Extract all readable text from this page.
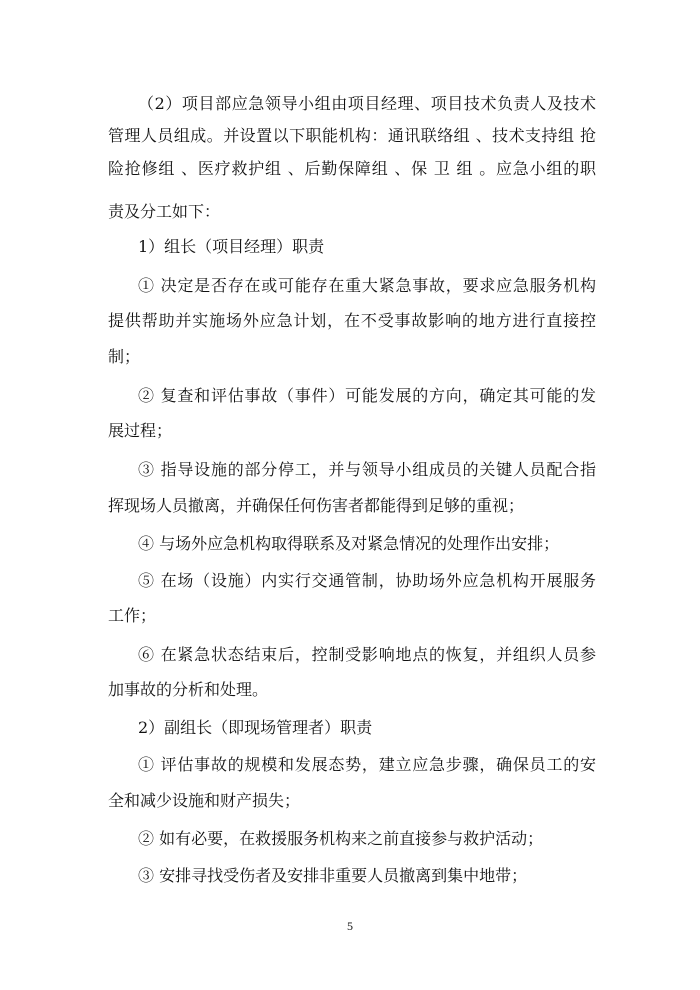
（2）项目部应急领导小组由项目经理、项目技术负责人及技术

管理人员组成。并设置以下职能机构：通讯联络组 、技术支持组 抢

险抢修组 、医疗救护组 、后勤保障组 、保 卫 组 。应急小组的职

责及分工如下：

1）组长（项目经理）职责

① 决定是否存在或可能存在重大紧急事故，要求应急服务机构

提供帮助并实施场外应急计划，在不受事故影响的地方进行直接控

制；

② 复查和评估事故（事件）可能发展的方向，确定其可能的发

展过程；

③ 指导设施的部分停工，并与领导小组成员的关键人员配合指

挥现场人员撤离，并确保任何伤害者都能得到足够的重视；

④ 与场外应急机构取得联系及对紧急情况的处理作出安排；

⑤ 在场（设施）内实行交通管制，协助场外应急机构开展服务

工作；

⑥ 在紧急状态结束后，控制受影响地点的恢复，并组织人员参

加事故的分析和处理。

2）副组长（即现场管理者）职责

① 评估事故的规模和发展态势，建立应急步骤，确保员工的安

全和减少设施和财产损失；

② 如有必要，在救援服务机构来之前直接参与救护活动；

③ 安排寻找受伤者及安排非重要人员撤离到集中地带；

5
